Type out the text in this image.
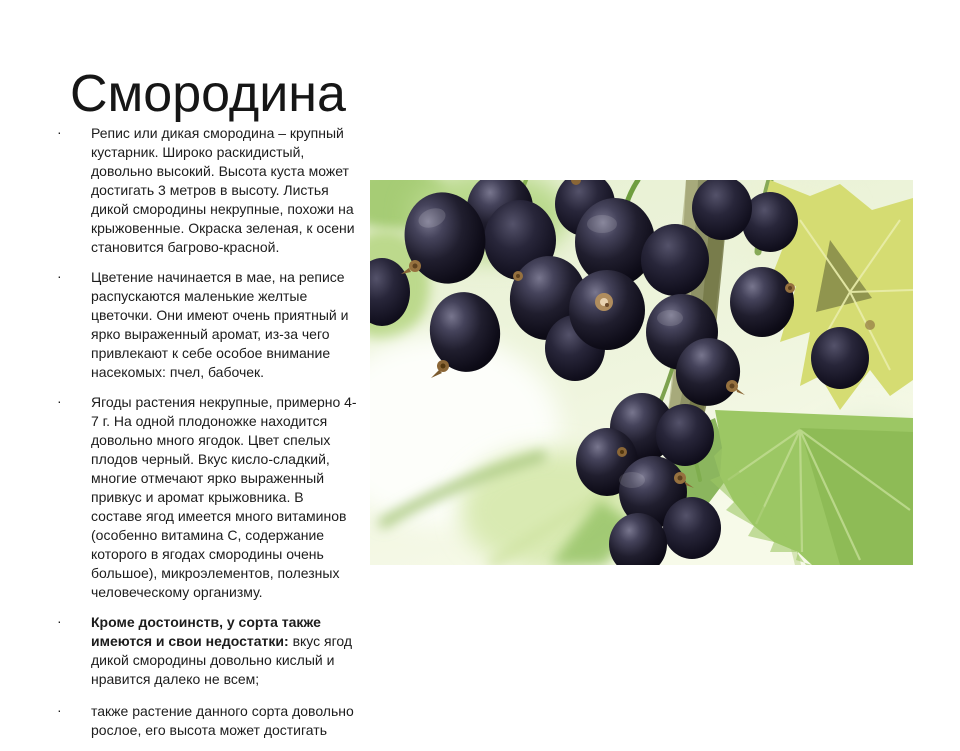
Смородина
· Репис или дикая смородина – крупный кустарник. Широко раскидистый, довольно высокий. Высота куста может достигать 3 метров в высоту. Листья дикой смородины некрупные, похожи на крыжовенные. Окраска зеленая, к осени становится багрово-красной.
· Цветение начинается в мае, на реписе распускаются маленькие желтые цветочки. Они имеют очень приятный и ярко выраженный аромат, из-за чего привлекают к себе особое внимание насекомых: пчел, бабочек.
· Ягоды растения некрупные, примерно 4-7 г. На одной плодоножке находится довольно много ягодок. Цвет спелых плодов черный. Вкус кисло-сладкий, многие отмечают ярко выраженный привкус и аромат крыжовника. В составе ягод имеется много витаминов (особенно витамина С, содержание которого в ягодах смородины очень большое), микроэлементов, полезных человеческому организму.
· Кроме достоинств, у сорта также имеются и свои недостатки: вкус ягод дикой смородины довольно кислый и нравится далеко не всем;
· также растение данного сорта довольно рослое, его высота может достигать
